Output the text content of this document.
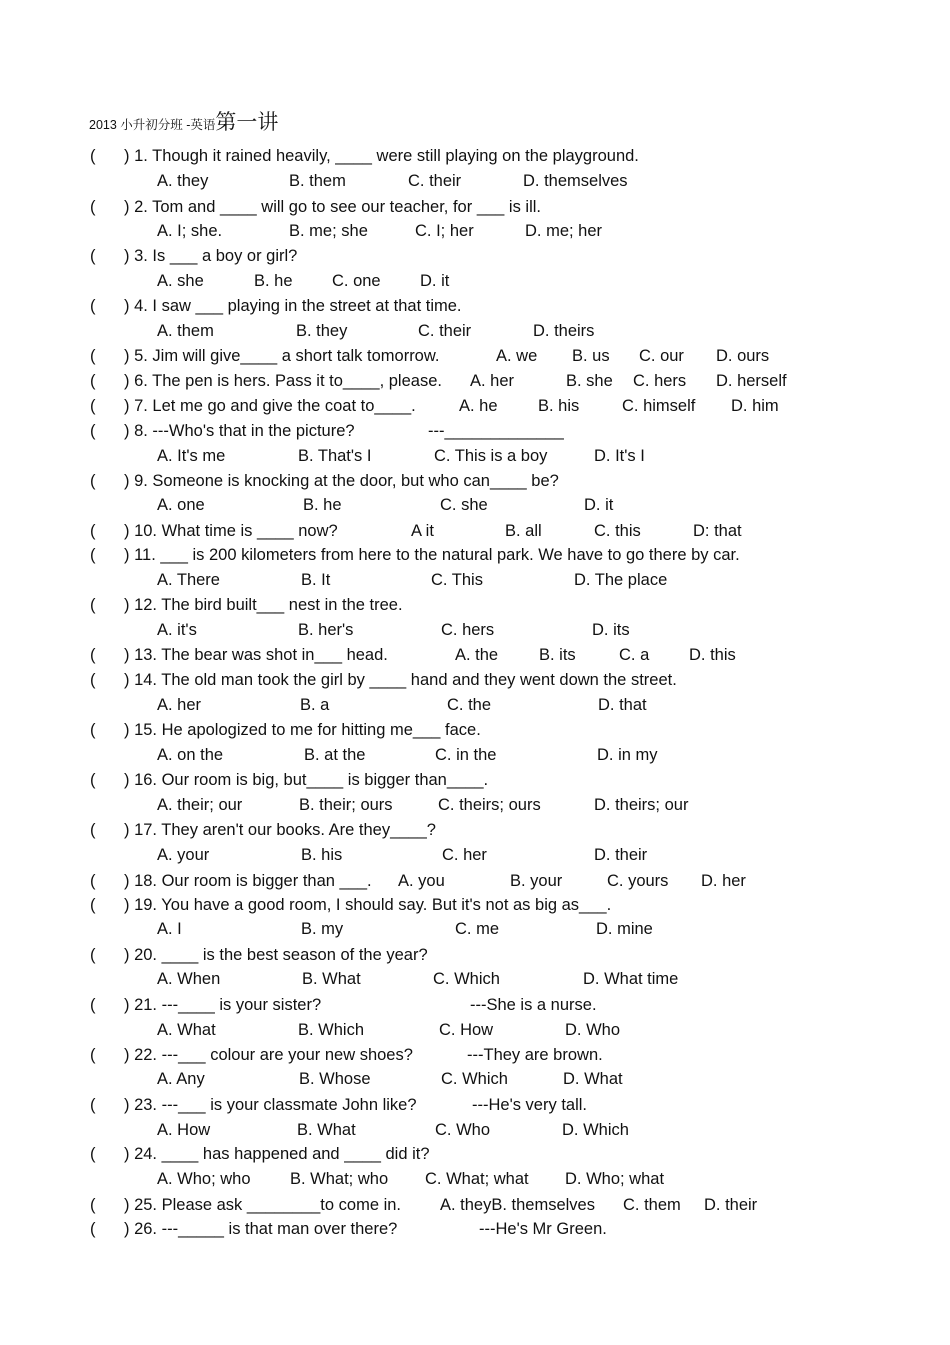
2013 小升初分班 -英语第一讲
( ) 1. Though it rained heavily, ____ were still playing on the playground.
A. they	B. them	C. their	D. themselves
( ) 2. Tom and ____ will go to see our teacher, for ___ is ill.
A. I; she.	B. me; she	C. I; her	D. me; her
( ) 3. Is ___ a boy or girl?
A. she	B. he C. one D. it
( ) 4. I saw ___ playing in the street at that time.
A. them	B. they	C. their	D. theirs
( ) 5. Jim will give____ a short talk tomorrow.	A. we B. us C. our D. ours
( ) 6. The pen is hers. Pass it to____, please. A. her	B. she C. hers D. herself
( ) 7. Let me go and give the coat to____.	A. he B. his	C. himself D. him
( ) 8. ---Who's that in the picture?	---_____________
A. It's me	B. That's I	C. This is a boy	D. It's I
( ) 9. Someone is knocking at the door, but who can____ be?
A. one	B. he	C. she	D. it
( ) 10. What time is ____ now?	A it	B. all	C. this	D: that
( ) 11. ___ is 200 kilometers from here to the natural park. We have to go there by car.
A. There	B. It	C. This	D. The place
( ) 12. The bird built___ nest in the tree.
A. it's	B. her's	C. hers	D. its
( ) 13. The bear was shot in___ head.	A. the B. its	C. a D. this
( ) 14. The old man took the girl by ____ hand and they went down the street.
A. her	B. a	C. the	D. that
( ) 15. He apologized to me for hitting me___ face.
A. on the	B. at the	C. in the	D. in my
( ) 16. Our room is big, but____ is bigger than____.
A. their; our	B. their; ours	C. theirs; ours	D. theirs; our
( ) 17. They aren't our books. Are they____?
A. your	B. his	C. her	D. their
( ) 18. Our room is bigger than ___. A. you	B. your	C. yours D. her
( ) 19. You have a good room, I should say. But it's not as big as___.
A. I	B. my	C. me	D. mine
( ) 20. ____ is the best season of the year?
A. When	B. What	C. Which	D. What time
( ) 21. ---____ is your sister?	---She is a nurse.
A. What	B. Which	C. How	D. Who
( ) 22. ---___ colour are your new shoes?	---They are brown.
A. Any	B. Whose	C. Which	D. What
( ) 23. ---___ is your classmate John like?	---He's very tall.
A. How	B. What	C. Who	D. Which
( ) 24. ____ has happened and ____ did it?
A. Who; who B. What; who C. What; what D. Who; what
( ) 25. Please ask ________to come in. A. theyB. themselves C. them D. their
( ) 26. ---_____ is that man over there?	---He's Mr Green.
